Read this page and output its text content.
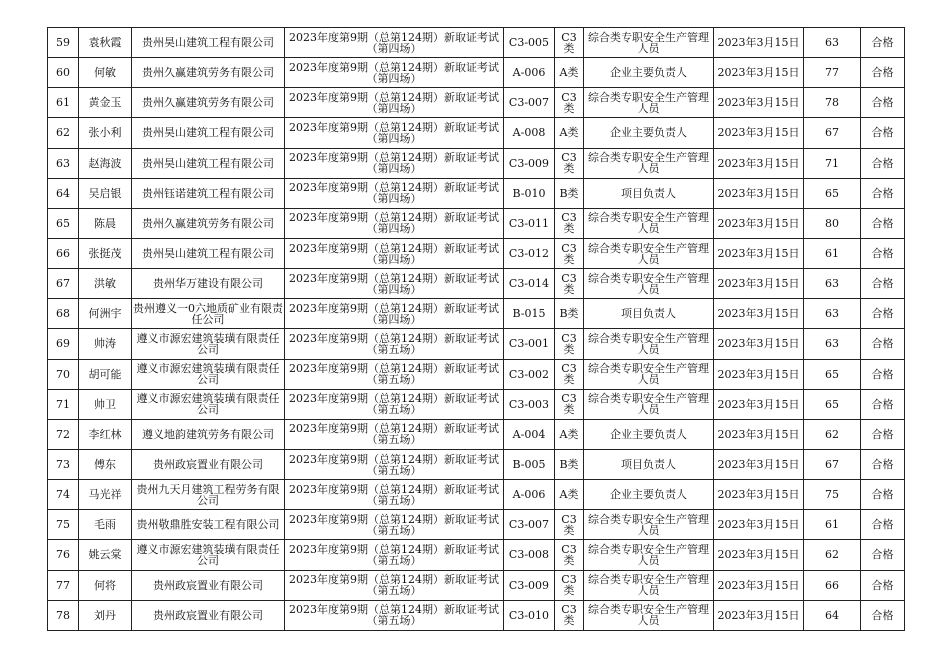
59	袁秋霞	贵州昊山建筑工程有限公司	2023年度第9期（总第124期）新取证考试（第四场）	C3-005	C3类	综合类专职安全生产管理人员	2023年3月15日	63	合格
60	何敏	贵州久赢建筑劳务有限公司	2023年度第9期（总第124期）新取证考试（第四场）	A-006	A类	企业主要负责人	2023年3月15日	77	合格
61	黄金玉	贵州久赢建筑劳务有限公司	2023年度第9期（总第124期）新取证考试（第四场）	C3-007	C3类	综合类专职安全生产管理人员	2023年3月15日	78	合格
62	张小利	贵州昊山建筑工程有限公司	2023年度第9期（总第124期）新取证考试（第四场）	A-008	A类	企业主要负责人	2023年3月15日	67	合格
63	赵海波	贵州昊山建筑工程有限公司	2023年度第9期（总第124期）新取证考试（第四场）	C3-009	C3类	综合类专职安全生产管理人员	2023年3月15日	71	合格
64	吴启银	贵州钰诺建筑工程有限公司	2023年度第9期（总第124期）新取证考试（第四场）	B-010	B类	项目负责人	2023年3月15日	65	合格
65	陈晨	贵州久赢建筑劳务有限公司	2023年度第9期（总第124期）新取证考试（第四场）	C3-011	C3类	综合类专职安全生产管理人员	2023年3月15日	80	合格
66	张挺茂	贵州昊山建筑工程有限公司	2023年度第9期（总第124期）新取证考试（第四场）	C3-012	C3类	综合类专职安全生产管理人员	2023年3月15日	61	合格
67	洪敏	贵州华万建设有限公司	2023年度第9期（总第124期）新取证考试（第四场）	C3-014	C3类	综合类专职安全生产管理人员	2023年3月15日	63	合格
68	何洲宇	贵州遵义一0六地质矿业有限责任公司	2023年度第9期（总第124期）新取证考试（第四场）	B-015	B类	项目负责人	2023年3月15日	63	合格
69	帅涛	遵义市源宏建筑装璜有限责任公司	2023年度第9期（总第124期）新取证考试（第五场）	C3-001	C3类	综合类专职安全生产管理人员	2023年3月15日	63	合格
70	胡可能	遵义市源宏建筑装璜有限责任公司	2023年度第9期（总第124期）新取证考试（第五场）	C3-002	C3类	综合类专职安全生产管理人员	2023年3月15日	65	合格
71	帅卫	遵义市源宏建筑装璜有限责任公司	2023年度第9期（总第124期）新取证考试（第五场）	C3-003	C3类	综合类专职安全生产管理人员	2023年3月15日	65	合格
72	李红林	遵义地韵建筑劳务有限公司	2023年度第9期（总第124期）新取证考试（第五场）	A-004	A类	企业主要负责人	2023年3月15日	62	合格
73	傅东	贵州政宸置业有限公司	2023年度第9期（总第124期）新取证考试（第五场）	B-005	B类	项目负责人	2023年3月15日	67	合格
74	马光祥	贵州九天月建筑工程劳务有限公司	2023年度第9期（总第124期）新取证考试（第五场）	A-006	A类	企业主要负责人	2023年3月15日	75	合格
75	毛雨	贵州敬鼎胜安装工程有限公司	2023年度第9期（总第124期）新取证考试（第五场）	C3-007	C3类	综合类专职安全生产管理人员	2023年3月15日	61	合格
76	姚云棠	遵义市源宏建筑装璜有限责任公司	2023年度第9期（总第124期）新取证考试（第五场）	C3-008	C3类	综合类专职安全生产管理人员	2023年3月15日	62	合格
77	何将	贵州政宸置业有限公司	2023年度第9期（总第124期）新取证考试（第五场）	C3-009	C3类	综合类专职安全生产管理人员	2023年3月15日	66	合格
78	刘丹	贵州政宸置业有限公司	2023年度第9期（总第124期）新取证考试（第五场）	C3-010	C3类	综合类专职安全生产管理人员	2023年3月15日	64	合格
